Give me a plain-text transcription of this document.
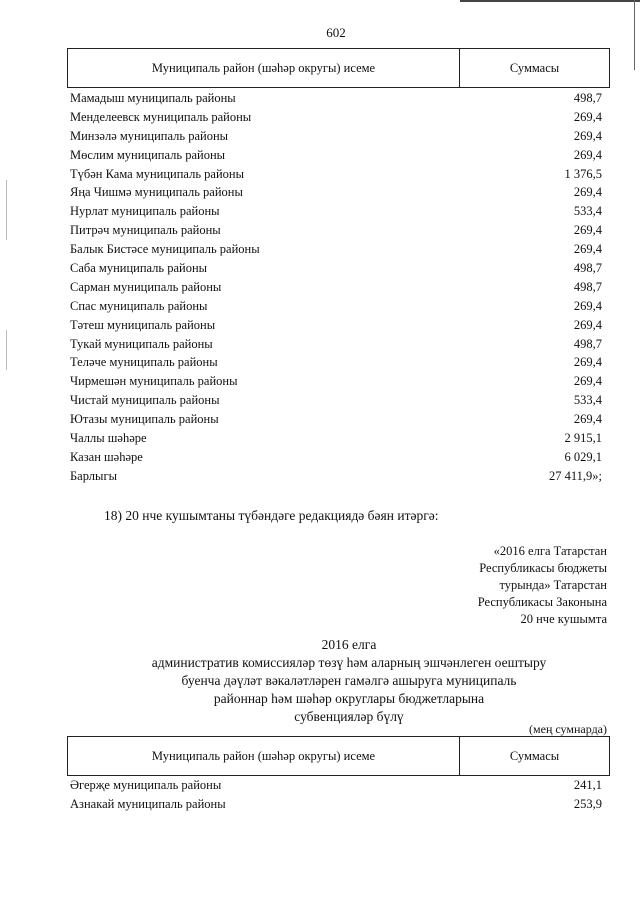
602
Муниципаль район (шәһәр округы) исеме	Суммасы
Мамадыш муниципаль районы	498,7
Менделеевск муниципаль районы	269,4
Минзәлә муниципаль районы	269,4
Мөслим муниципаль районы	269,4
Түбән Кама муниципаль районы	1 376,5
Яңа Чишмә муниципаль районы	269,4
Нурлат муниципаль районы	533,4
Питрәч муниципаль районы	269,4
Балык Бистәсе муниципаль районы	269,4
Саба муниципаль районы	498,7
Сарман муниципаль районы	498,7
Спас муниципаль районы	269,4
Тәтеш муниципаль районы	269,4
Тукай муниципаль районы	498,7
Теләче муниципаль районы	269,4
Чирмешән муниципаль районы	269,4
Чистай муниципаль районы	533,4
Ютазы муниципаль районы	269,4
Чаллы шәһәре	2 915,1
Казан шәһәре	6 029,1
Барлыгы	27 411,9»;
18) 20 нче кушымтаны түбәндәге редакциядә бәян итәргә:
«2016 елга Татарстан
Республикасы бюджеты
турында» Татарстан
Республикасы Законына
20 нче кушымта
2016 елга
административ комиссияләр төзү һәм аларның эшчәнлеген оештыру
буенча дәүләт вәкаләтләрен гамәлгә ашыруга муниципаль
районнар һәм шәһәр округлары бюджетларына
субвенцияләр бүлү
(мең сумнарда)
Муниципаль район (шәһәр округы) исеме	Суммасы
Әгерҗе муниципаль районы	241,1
Азнакай муниципаль районы	253,9
